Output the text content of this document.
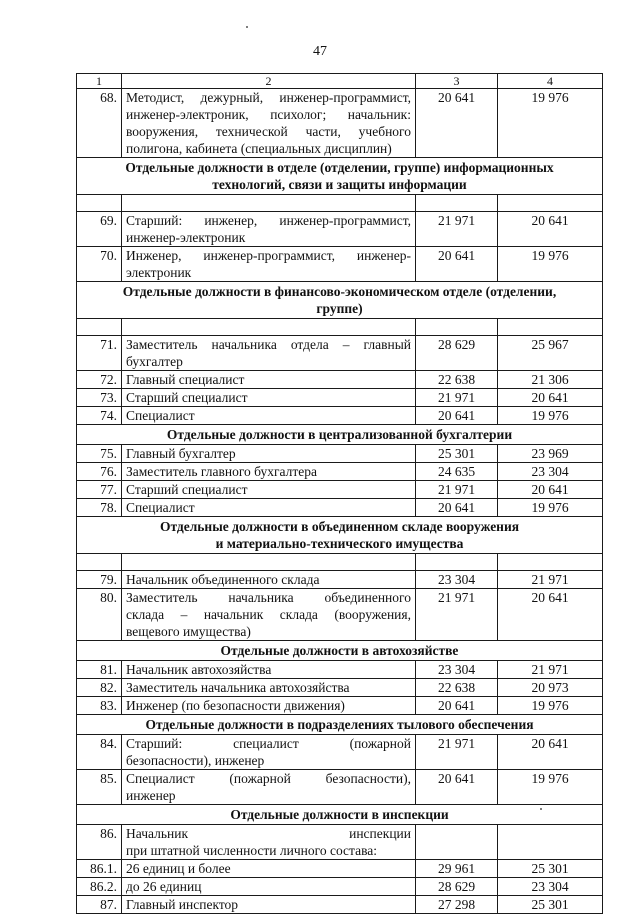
47
1	2	3	4
68.	Методист, дежурный, инженер-программист,
инженер-электроник, психолог; начальник:
вооружения, технической части, учебного
полигона, кабинета (специальных дисциплин)	20 641	19 976

Отдельные должности в отделе (отделении, группе) информационных
технологий, связи и защиты информации			

69.	Старший: инженер, инженер-программист,
инженер-электроник	21 971	20 641
70.	Инженер, инженер-программист, инженер-
электроник	20 641	19 976

Отдельные должности в финансово-экономическом отделе (отделении,
группе)			

71.	Заместитель начальника отдела – главный
бухгалтер	28 629	25 967
72.	Главный специалист	22 638	21 306
73.	Старший специалист	21 971	20 641
74.	Специалист	20 641	19 976

Отдельные должности в централизованной бухгалтерии			

75.	Главный бухгалтер	25 301	23 969
76.	Заместитель главного бухгалтера	24 635	23 304
77.	Старший специалист	21 971	20 641
78.	Специалист	20 641	19 976

Отдельные должности в объединенном складе вооружения
и материально-технического имущества			

79.	Начальник объединенного склада	23 304	21 971
80.	Заместитель начальника объединенного
склада – начальник склада (вооружения,
вещевого имущества)	21 971	20 641

Отдельные должности в автохозяйстве			

81.	Начальник автохозяйства	23 304	21 971
82.	Заместитель начальника автохозяйства	22 638	20 973
83.	Инженер (по безопасности движения)	20 641	19 976

Отдельные должности в подразделениях тылового обеспечения			

84.	Старший: специалист (пожарной
безопасности), инженер	21 971	20 641
85.	Специалист (пожарной безопасности),
инженер	20 641	19 976

Отдельные должности в инспекции			

86.	Начальник инспекции
при штатной численности личного состава:		

86.1.	26 единиц и более	29 961	25 301
86.2.	до 26 единиц	28 629	23 304
87.	Главный инспектор	27 298	25 301
